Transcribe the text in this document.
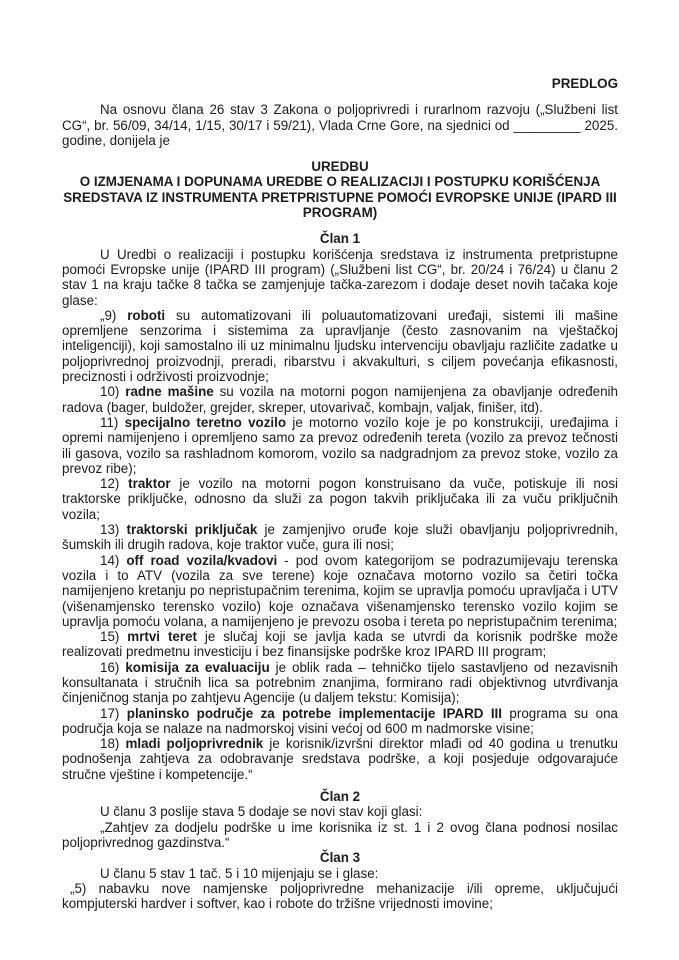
PREDLOG

Na osnovu člana 26 stav 3 Zakona o poljoprivredi i rurarlnom razvoju („Službeni list CG“, br. 56/09, 34/14, 1/15, 30/17 i 59/21), Vlada Crne Gore, na sjednici od _________ 2025. godine, donijela je

UREDBU

O IZMJENAMA I DOPUNAMA UREDBE O REALIZACIJI I POSTUPKU KORIŠĆENJA SREDSTAVA IZ INSTRUMENTA PRETPRISTUPNE POMOĆI EVROPSKE UNIJE (IPARD III PROGRAM)

Član 1

U Uredbi o realizaciji i postupku korišćenja sredstava iz instrumenta pretpristupne pomoći Evropske unije (IPARD III program) („Službeni list CG“, br. 20/24 i 76/24) u članu 2 stav 1 na kraju tačke 8 tačka se zamjenjuje tačka-zarezom i dodaje deset novih tačaka koje glase:

„9) roboti su automatizovani ili poluautomatizovani uređaji, sistemi ili mašine opremljene senzorima i sistemima za upravljanje (često zasnovanim na vještačkoj inteligenciji), koji samostalno ili uz minimalnu ljudsku intervenciju obavljaju različite zadatke u poljoprivrednoj proizvodnji, preradi, ribarstvu i akvakulturi, s ciljem povećanja efikasnosti, preciznosti i održivosti proizvodnje;

10) radne mašine su vozila na motorni pogon namijenjena za obavljanje određenih radova (bager, buldožer, grejder, skreper, utovarivač, kombajn, valjak, finišer, itd).

11) specijalno teretno vozilo je motorno vozilo koje je po konstrukciji, uređajima i opremi namijenjeno i opremljeno samo za prevoz određenih tereta (vozilo za prevoz tečnosti ili gasova, vozilo sa rashladnom komorom, vozilo sa nadgradnjom za prevoz stoke, vozilo za prevoz ribe);

12) traktor je vozilo na motorni pogon konstruisano da vuče, potiskuje ili nosi traktorske priključke, odnosno da služi za pogon takvih priključaka ili za vuču priključnih vozila;

13) traktorski priključak je zamjenjivo oruđe koje služi obavljanju poljoprivrednih, šumskih ili drugih radova, koje traktor vuče, gura ili nosi;

14) off road vozila/kvadovi - pod ovom kategorijom se podrazumijevaju terenska vozila i to ATV (vozila za sve terene) koje označava motorno vozilo sa četiri točka namijenjeno kretanju po nepristupačnim terenima, kojim se upravlja pomoću upravljača i UTV (višenamjensko terensko vozilo) koje označava višenamjensko terensko vozilo kojim se upravlja pomoću volana, a namijenjeno je prevozu osoba i tereta po nepristupačnim terenima;

15) mrtvi teret je slučaj koji se javlja kada se utvrdi da korisnik podrške može realizovati predmetnu investiciju i bez finansijske podrške kroz IPARD III program;

16) komisija za evaluaciju je oblik rada – tehničko tijelo sastavljeno od nezavisnih konsultanata i stručnih lica sa potrebnim znanjima, formirano radi objektivnog utvrđivanja činjeničnog stanja po zahtjevu Agencije (u daljem tekstu: Komisija);

17) planinsko područje za potrebe implementacije IPARD III programa su ona područja koja se nalaze na nadmorskoj visini većoj od 600 m nadmorske visine;

18) mladi poljoprivrednik je korisnik/izvršni direktor mlađi od 40 godina u trenutku podnošenja zahtjeva za odobravanje sredstava podrške, a koji posjeduje odgovarajuće stručne vještine i kompetencije.“

Član 2

U članu 3 poslije stava 5 dodaje se novi stav koji glasi:

„Zahtjev za dodjelu podrške u ime korisnika iz st. 1 i 2 ovog člana podnosi nosilac poljoprivrednog gazdinstva.“

Član 3

U članu 5 stav 1 tač. 5 i 10 mijenjaju se i glase:

„5) nabavku nove namjenske poljoprivredne mehanizacije i/ili opreme, uključujući kompjuterski hardver i softver, kao i robote do tržišne vrijednosti imovine;
